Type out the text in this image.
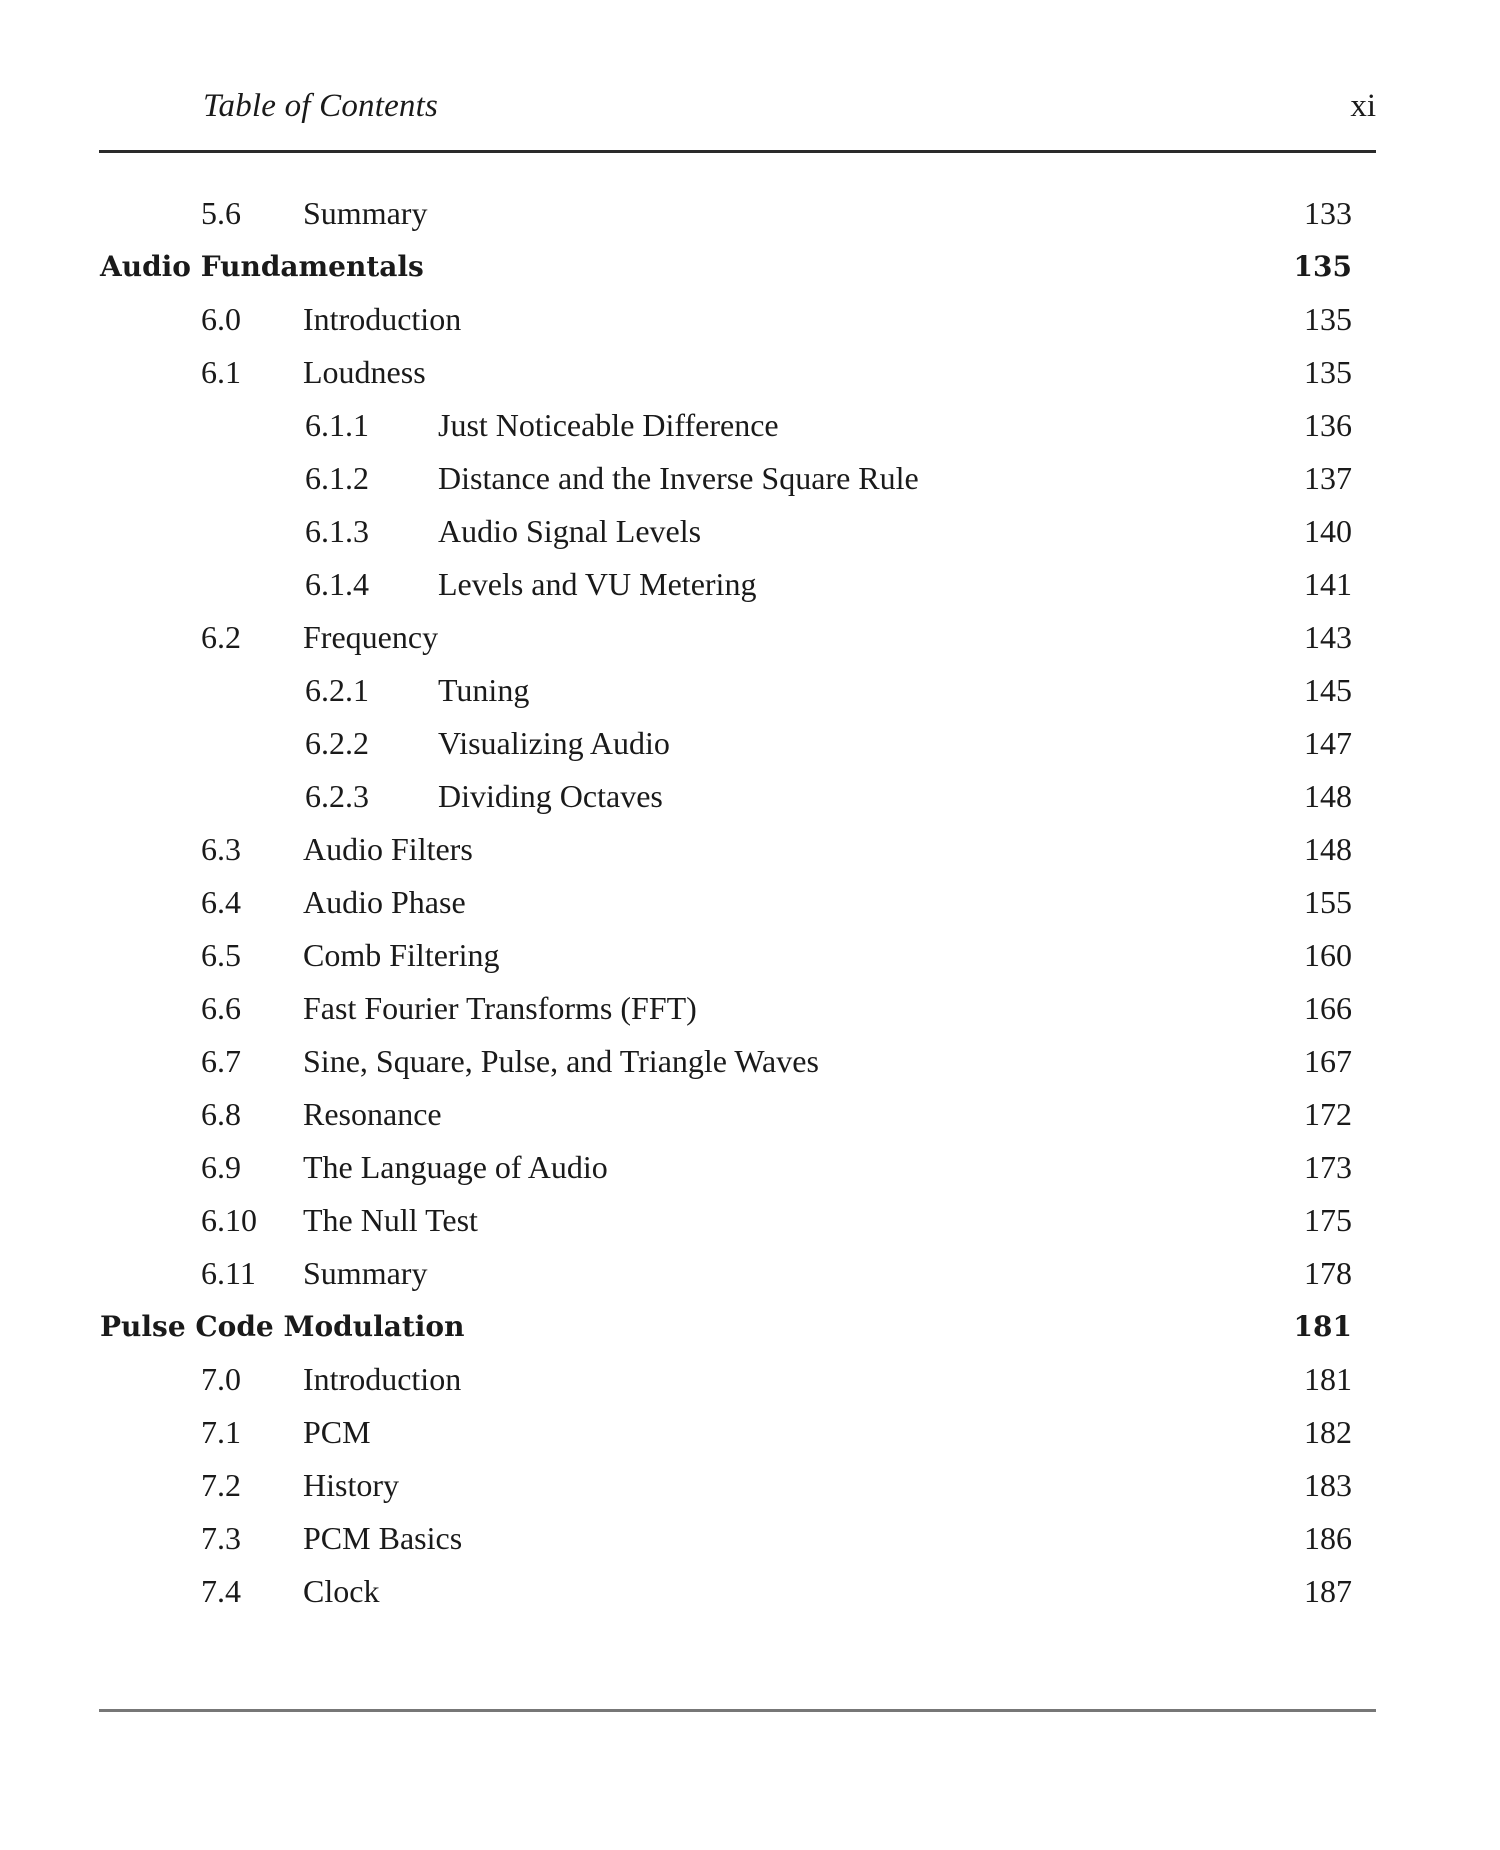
Table of Contents	xi
5.6 Summary	133
Audio Fundamentals	135
6.0 Introduction	135
6.1 Loudness	135
6.1.1 Just Noticeable Difference	136
6.1.2 Distance and the Inverse Square Rule	137
6.1.3 Audio Signal Levels	140
6.1.4 Levels and VU Metering	141
6.2 Frequency	143
6.2.1 Tuning	145
6.2.2 Visualizing Audio	147
6.2.3 Dividing Octaves	148
6.3 Audio Filters	148
6.4 Audio Phase	155
6.5 Comb Filtering	160
6.6 Fast Fourier Transforms (FFT)	166
6.7 Sine, Square, Pulse, and Triangle Waves	167
6.8 Resonance	172
6.9 The Language of Audio	173
6.10 The Null Test	175
6.11 Summary	178
Pulse Code Modulation	181
7.0 Introduction	181
7.1 PCM	182
7.2 History	183
7.3 PCM Basics	186
7.4 Clock	187
